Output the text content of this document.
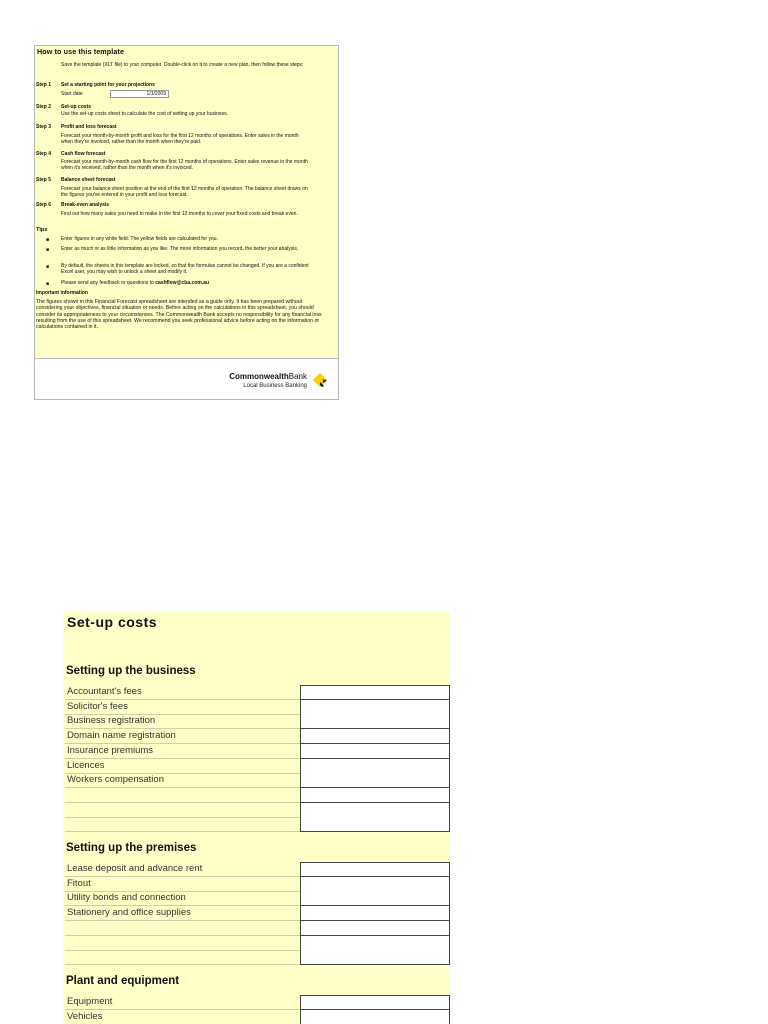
How to use this template
Save the template (XLT file) to your computer. Double-click on it to create a new plan, then follow these steps:
Step 1 Set a starting point for your projections
Start date	1/1/2009
Step 2 Set-up costs
Use the set-up costs sheet to calculate the cost of setting up your business.
Step 3 Profit and loss forecast
Forecast your month-by-month profit and loss for the first 12 months of operations. Enter sales in the month when they're invoiced, rather than the month when they're paid.
Step 4 Cash flow forecast
Forecast your month-by-month cash flow for the first 12 months of operations. Enter sales revenue in the month when it's received, rather than the month when it's invoiced.
Step 5 Balance sheet forecast
Forecast your balance sheet position at the end of the first 12 months of operation. The balance sheet draws on the figures you've entered in your profit and loss forecast.
Step 6 Break-even analysis
Find out how many sales you need to make in the first 12 months to cover your fixed costs and break even.
Tips
■ Enter figures in any white field. The yellow fields are calculated for you.
■ Enter as much or as little information as you like. The more information you record, the better your analysis.
■ By default, the sheets in this template are locked, so that the formulas cannot be changed. If you are a confident Excel user, you may wish to unlock a sheet and modify it.
■ Please send any feedback or questions to cashflow@cba.com.au
Important information
The figures shown in this Financial Forecast spreadsheet are intended as a guide only. It has been prepared without considering your objectives, financial situation or needs. Before acting on the calculations in this spreadsheet, you should consider its appropriateness to your circumstances. The Commonwealth Bank accepts no responsibility for any financial loss resulting from the use of this spreadsheet. We recommend you seek professional advice before acting on the information or calculations contained in it.
CommonwealthBank
Local Business Banking
Set-up costs
Setting up the business
Accountant's fees
Solicitor's fees
Business registration
Domain name registration
Insurance premiums
Licences
Workers compensation
Setting up the premises
Lease deposit and advance rent
Fitout
Utility bonds and connection
Stationery and office supplies
Plant and equipment
Equipment
Vehicles
